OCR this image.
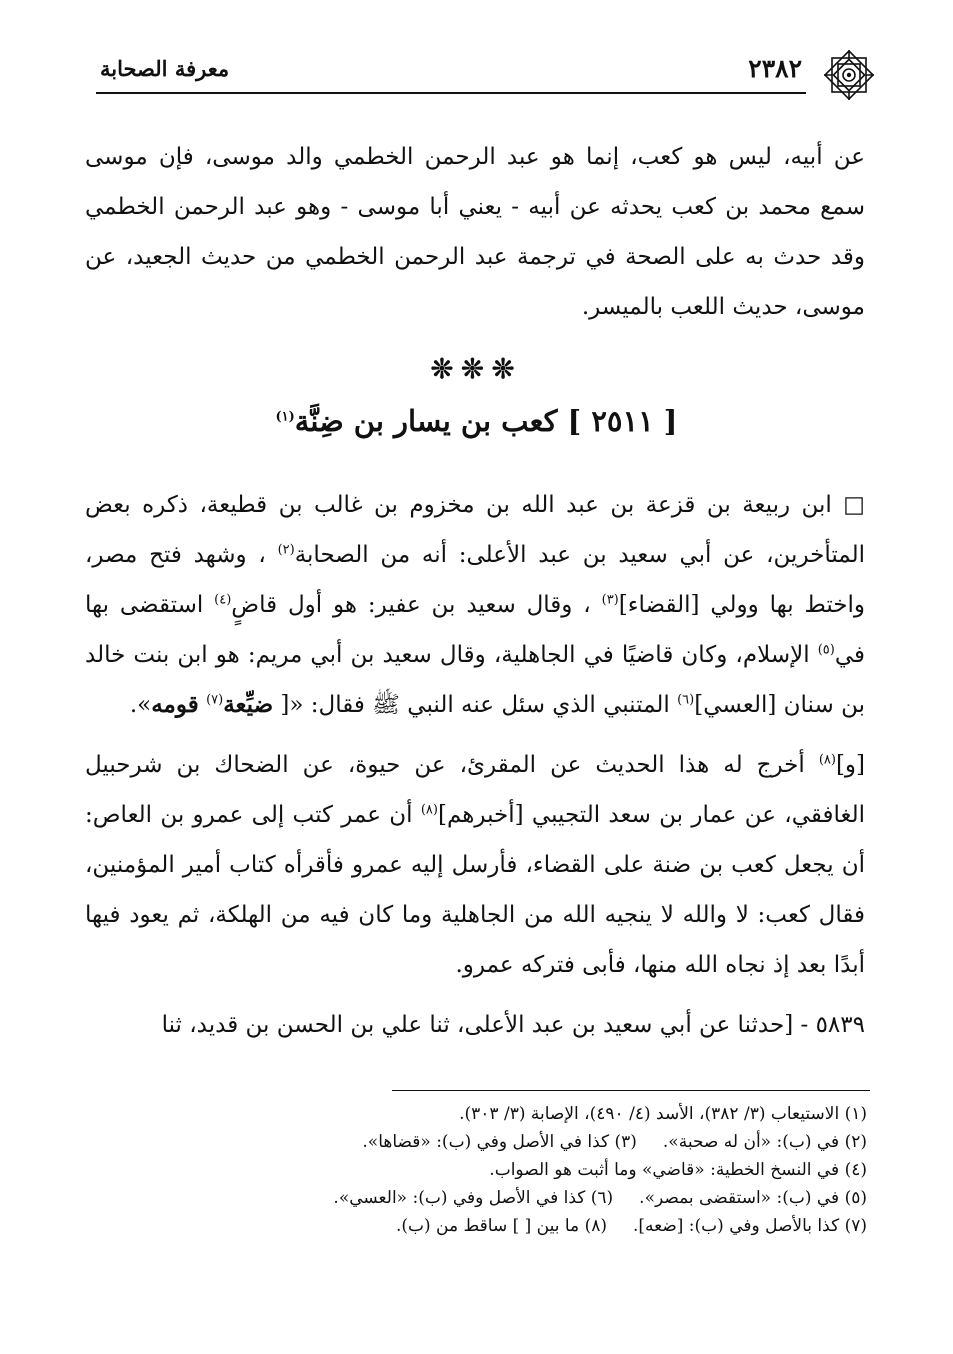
٢٣٨٢
معرفة الصحابة

عن أبيه، ليس هو كعب، إنما هو عبد الرحمن الخطمي والد موسى، فإن موسى سمع محمد بن كعب يحدثه عن أبيه - يعني أبا موسى - وهو عبد الرحمن الخطمي وقد حدث به على الصحة في ترجمة عبد الرحمن الخطمي من حديث الجعيد، عن موسى، حديث اللعب بالميسر.

❊❊❊
[ ٢٥١١ ] كعب بن يسار بن ضِنَّة$^{(١)}$

□ ابن ربيعة بن قزعة بن عبد الله بن مخزوم بن غالب بن قطيعة، ذكره بعض المتأخرين، عن أبي سعيد بن عبد الأعلى: أنه من الصحابة$^{(٢)}$ ، وشهد فتح مصر، واختط بها وولي [القضاء]$^{(٣)}$ ، وقال سعيد بن عفير: هو أول قاضٍ$^{(٤)}$ استقضى بها في$^{(٥)}$ الإسلام، وكان قاضيًا في الجاهلية، وقال سعيد بن أبي مريم: هو ابن بنت خالد بن سنان [العسي]$^{(٦)}$ المتنبي الذي سئل عنه النبي ﷺ فقال: «[ ضيِّعة$^{(٧)}$ قومه».

[و]$^{(٨)}$ أخرج له هذا الحديث عن المقرئ، عن حيوة، عن الضحاك بن شرحبيل الغافقي، عن عمار بن سعد التجيبي [أخبرهم]$^{(٨)}$ أن عمر كتب إلى عمرو بن العاص: أن يجعل كعب بن ضنة على القضاء، فأرسل إليه عمرو فأقرأه كتاب أمير المؤمنين، فقال كعب: لا والله لا ينجيه الله من الجاهلية وما كان فيه من الهلكة، ثم يعود فيها أبدًا بعد إذ نجاه الله منها، فأبى فتركه عمرو.

٥٨٣٩ - [حدثنا عن أبي سعيد بن عبد الأعلى، ثنا علي بن الحسن بن قديد، ثنا

(١) الاستيعاب (٣/ ٣٨٢)، الأسد (٤/ ٤٩٠)، الإصابة (٣/ ٣٠٣).
(٢) في (ب): «أن له صحبة».(٣) كذا في الأصل وفي (ب): «قضاها».
(٤) في النسخ الخطية: «قاضي» وما أثبت هو الصواب.
(٥) في (ب): «استقضى بمصر».(٦) كذا في الأصل وفي (ب): «العسي».
(٧) كذا بالأصل وفي (ب): [ضعه].(٨) ما بين [ ] ساقط من (ب).
